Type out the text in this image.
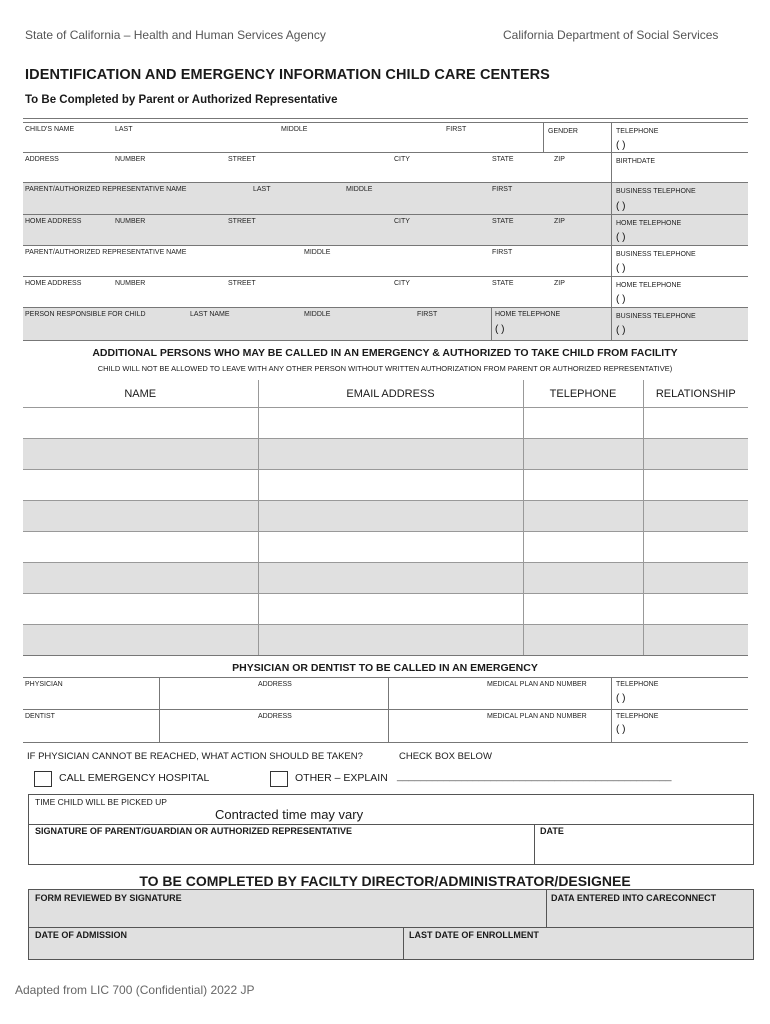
State of California – Health and Human Services Agency	California Department of Social Services
IDENTIFICATION AND EMERGENCY INFORMATION CHILD CARE CENTERS
To Be Completed by Parent or Authorized Representative
CHILD'S NAME	LAST	MIDDLE	FIRST	GENDER	TELEPHONE
( )
ADDRESS	NUMBER	STREET	CITY	STATE	ZIP	BIRTHDATE
PARENT/AUTHORIZED REPRESENTATIVE NAME	LAST	MIDDLE	FIRST	BUSINESS TELEPHONE
( )
HOME ADDRESS	NUMBER	STREET	CITY	STATE	ZIP	HOME TELEPHONE
( )
PARENT/AUTHORIZED REPRESENTATIVE NAME	MIDDLE	FIRST	BUSINESS TELEPHONE
( )
HOME ADDRESS	NUMBER	STREET	CITY	STATE	ZIP	HOME TELEPHONE
( )
PERSON RESPONSIBLE FOR CHILD	LAST NAME	MIDDLE	FIRST	HOME TELEPHONE
( )
BUSINESS TELEPHONE
( )
ADDITIONAL PERSONS WHO MAY BE CALLED IN AN EMERGENCY & AUTHORIZED TO TAKE CHILD FROM FACILITY
CHILD WILL NOT BE ALLOWED TO LEAVE WITH ANY OTHER PERSON WITHOUT WRITTEN AUTHORIZATION FROM PARENT OR AUTHORIZED REPRESENTATIVE)
NAME	EMAIL ADDRESS	TELEPHONE	RELATIONSHIP

PHYSICIAN OR DENTIST TO BE CALLED IN AN EMERGENCY
PHYSICIAN	ADDRESS	MEDICAL PLAN AND NUMBER	TELEPHONE
( )
DENTIST	ADDRESS	MEDICAL PLAN AND NUMBER	TELEPHONE
( )
IF PHYSICIAN CANNOT BE REACHED, WHAT ACTION SHOULD BE TAKEN?	CHECK BOX BELOW
CALL EMERGENCY HOSPITAL	OTHER – EXPLAIN _______________________________________________
TIME CHILD WILL BE PICKED UP
Contracted time may vary
SIGNATURE OF PARENT/GUARDIAN OR AUTHORIZED REPRESENTATIVE	DATE
TO BE COMPLETED BY FACILTY DIRECTOR/ADMINISTRATOR/DESIGNEE
FORM REVIEWED BY SIGNATURE	DATA ENTERED INTO CARECONNECT
DATE OF ADMISSION	LAST DATE OF ENROLLMENT
Adapted from LIC 700 (Confidential) 2022 JP
